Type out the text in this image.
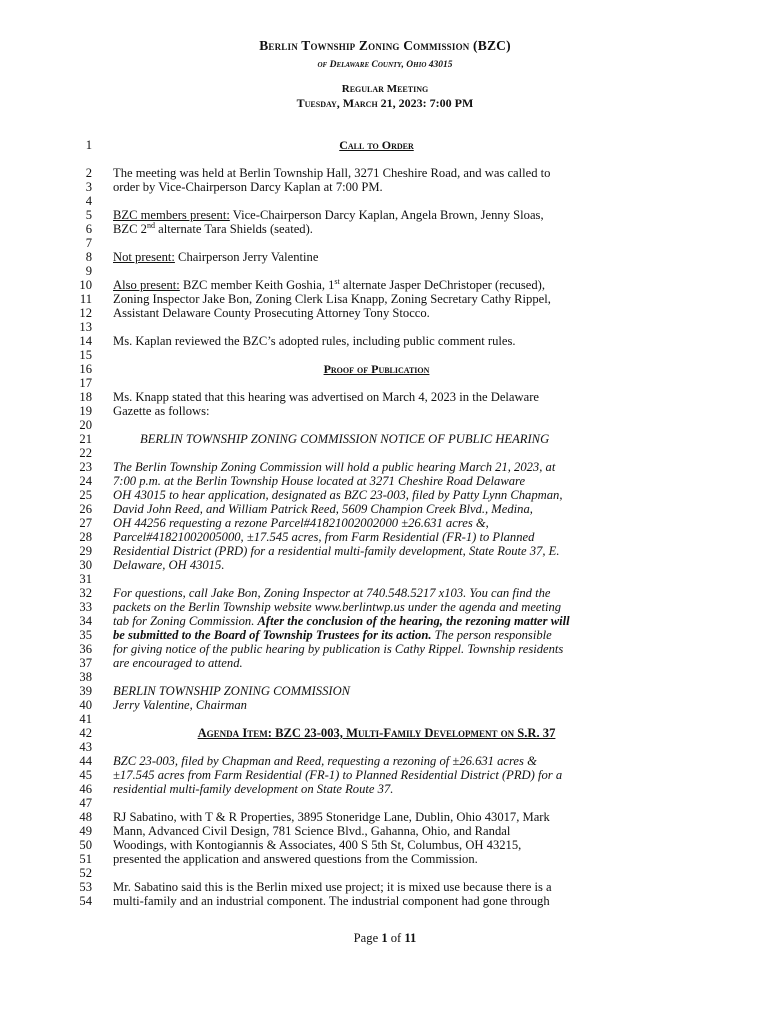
Berlin Township Zoning Commission (BZC)
of Delaware County, Ohio 43015
Regular Meeting
Tuesday, March 21, 2023: 7:00 PM
Call to Order
The meeting was held at Berlin Township Hall, 3271 Cheshire Road, and was called to
order by Vice-Chairperson Darcy Kaplan at 7:00 PM.
BZC members present: Vice-Chairperson Darcy Kaplan, Angela Brown, Jenny Sloas,
BZC 2nd alternate Tara Shields (seated).
Not present: Chairperson Jerry Valentine
Also present: BZC member Keith Goshia, 1st alternate Jasper DeChristoper (recused),
Zoning Inspector Jake Bon, Zoning Clerk Lisa Knapp, Zoning Secretary Cathy Rippel,
Assistant Delaware County Prosecuting Attorney Tony Stocco.
Ms. Kaplan reviewed the BZC’s adopted rules, including public comment rules.
Proof of Publication
Ms. Knapp stated that this hearing was advertised on March 4, 2023 in the Delaware
Gazette as follows:
BERLIN TOWNSHIP ZONING COMMISSION NOTICE OF PUBLIC HEARING
The Berlin Township Zoning Commission will hold a public hearing March 21, 2023, at
7:00 p.m. at the Berlin Township House located at 3271 Cheshire Road Delaware
OH 43015 to hear application, designated as BZC 23-003, filed by Patty Lynn Chapman,
David John Reed, and William Patrick Reed, 5609 Champion Creek Blvd., Medina,
OH 44256 requesting a rezone Parcel#41821002002000 ±26.631 acres &,
Parcel#41821002005000, ±17.545 acres, from Farm Residential (FR-1) to Planned
Residential District (PRD) for a residential multi-family development, State Route 37, E.
Delaware, OH 43015.
For questions, call Jake Bon, Zoning Inspector at 740.548.5217 x103. You can find the
packets on the Berlin Township website www.berlintwp.us under the agenda and meeting
tab for Zoning Commission. After the conclusion of the hearing, the rezoning matter will
be submitted to the Board of Township Trustees for its action. The person responsible
for giving notice of the public hearing by publication is Cathy Rippel. Township residents
are encouraged to attend.
BERLIN TOWNSHIP ZONING COMMISSION
Jerry Valentine, Chairman
Agenda Item: BZC 23-003, Multi-Family Development on S.R. 37
BZC 23-003, filed by Chapman and Reed, requesting a rezoning of ±26.631 acres &
±17.545 acres from Farm Residential (FR-1) to Planned Residential District (PRD) for a
residential multi-family development on State Route 37.
RJ Sabatino, with T & R Properties, 3895 Stoneridge Lane, Dublin, Ohio 43017, Mark
Mann, Advanced Civil Design, 781 Science Blvd., Gahanna, Ohio, and Randal
Woodings, with Kontogiannis & Associates, 400 S 5th St, Columbus, OH 43215,
presented the application and answered questions from the Commission.
Mr. Sabatino said this is the Berlin mixed use project; it is mixed use because there is a
multi-family and an industrial component. The industrial component had gone through
1
2
3
4
5
6
7
8
9
10
11
12
13
14
15
16
17
18
19
20
21
22
23
24
25
26
27
28
29
30
31
32
33
34
35
36
37
38
39
40
41
42
43
44
45
46
47
48
49
50
51
52
53
54
Page 1 of 11
